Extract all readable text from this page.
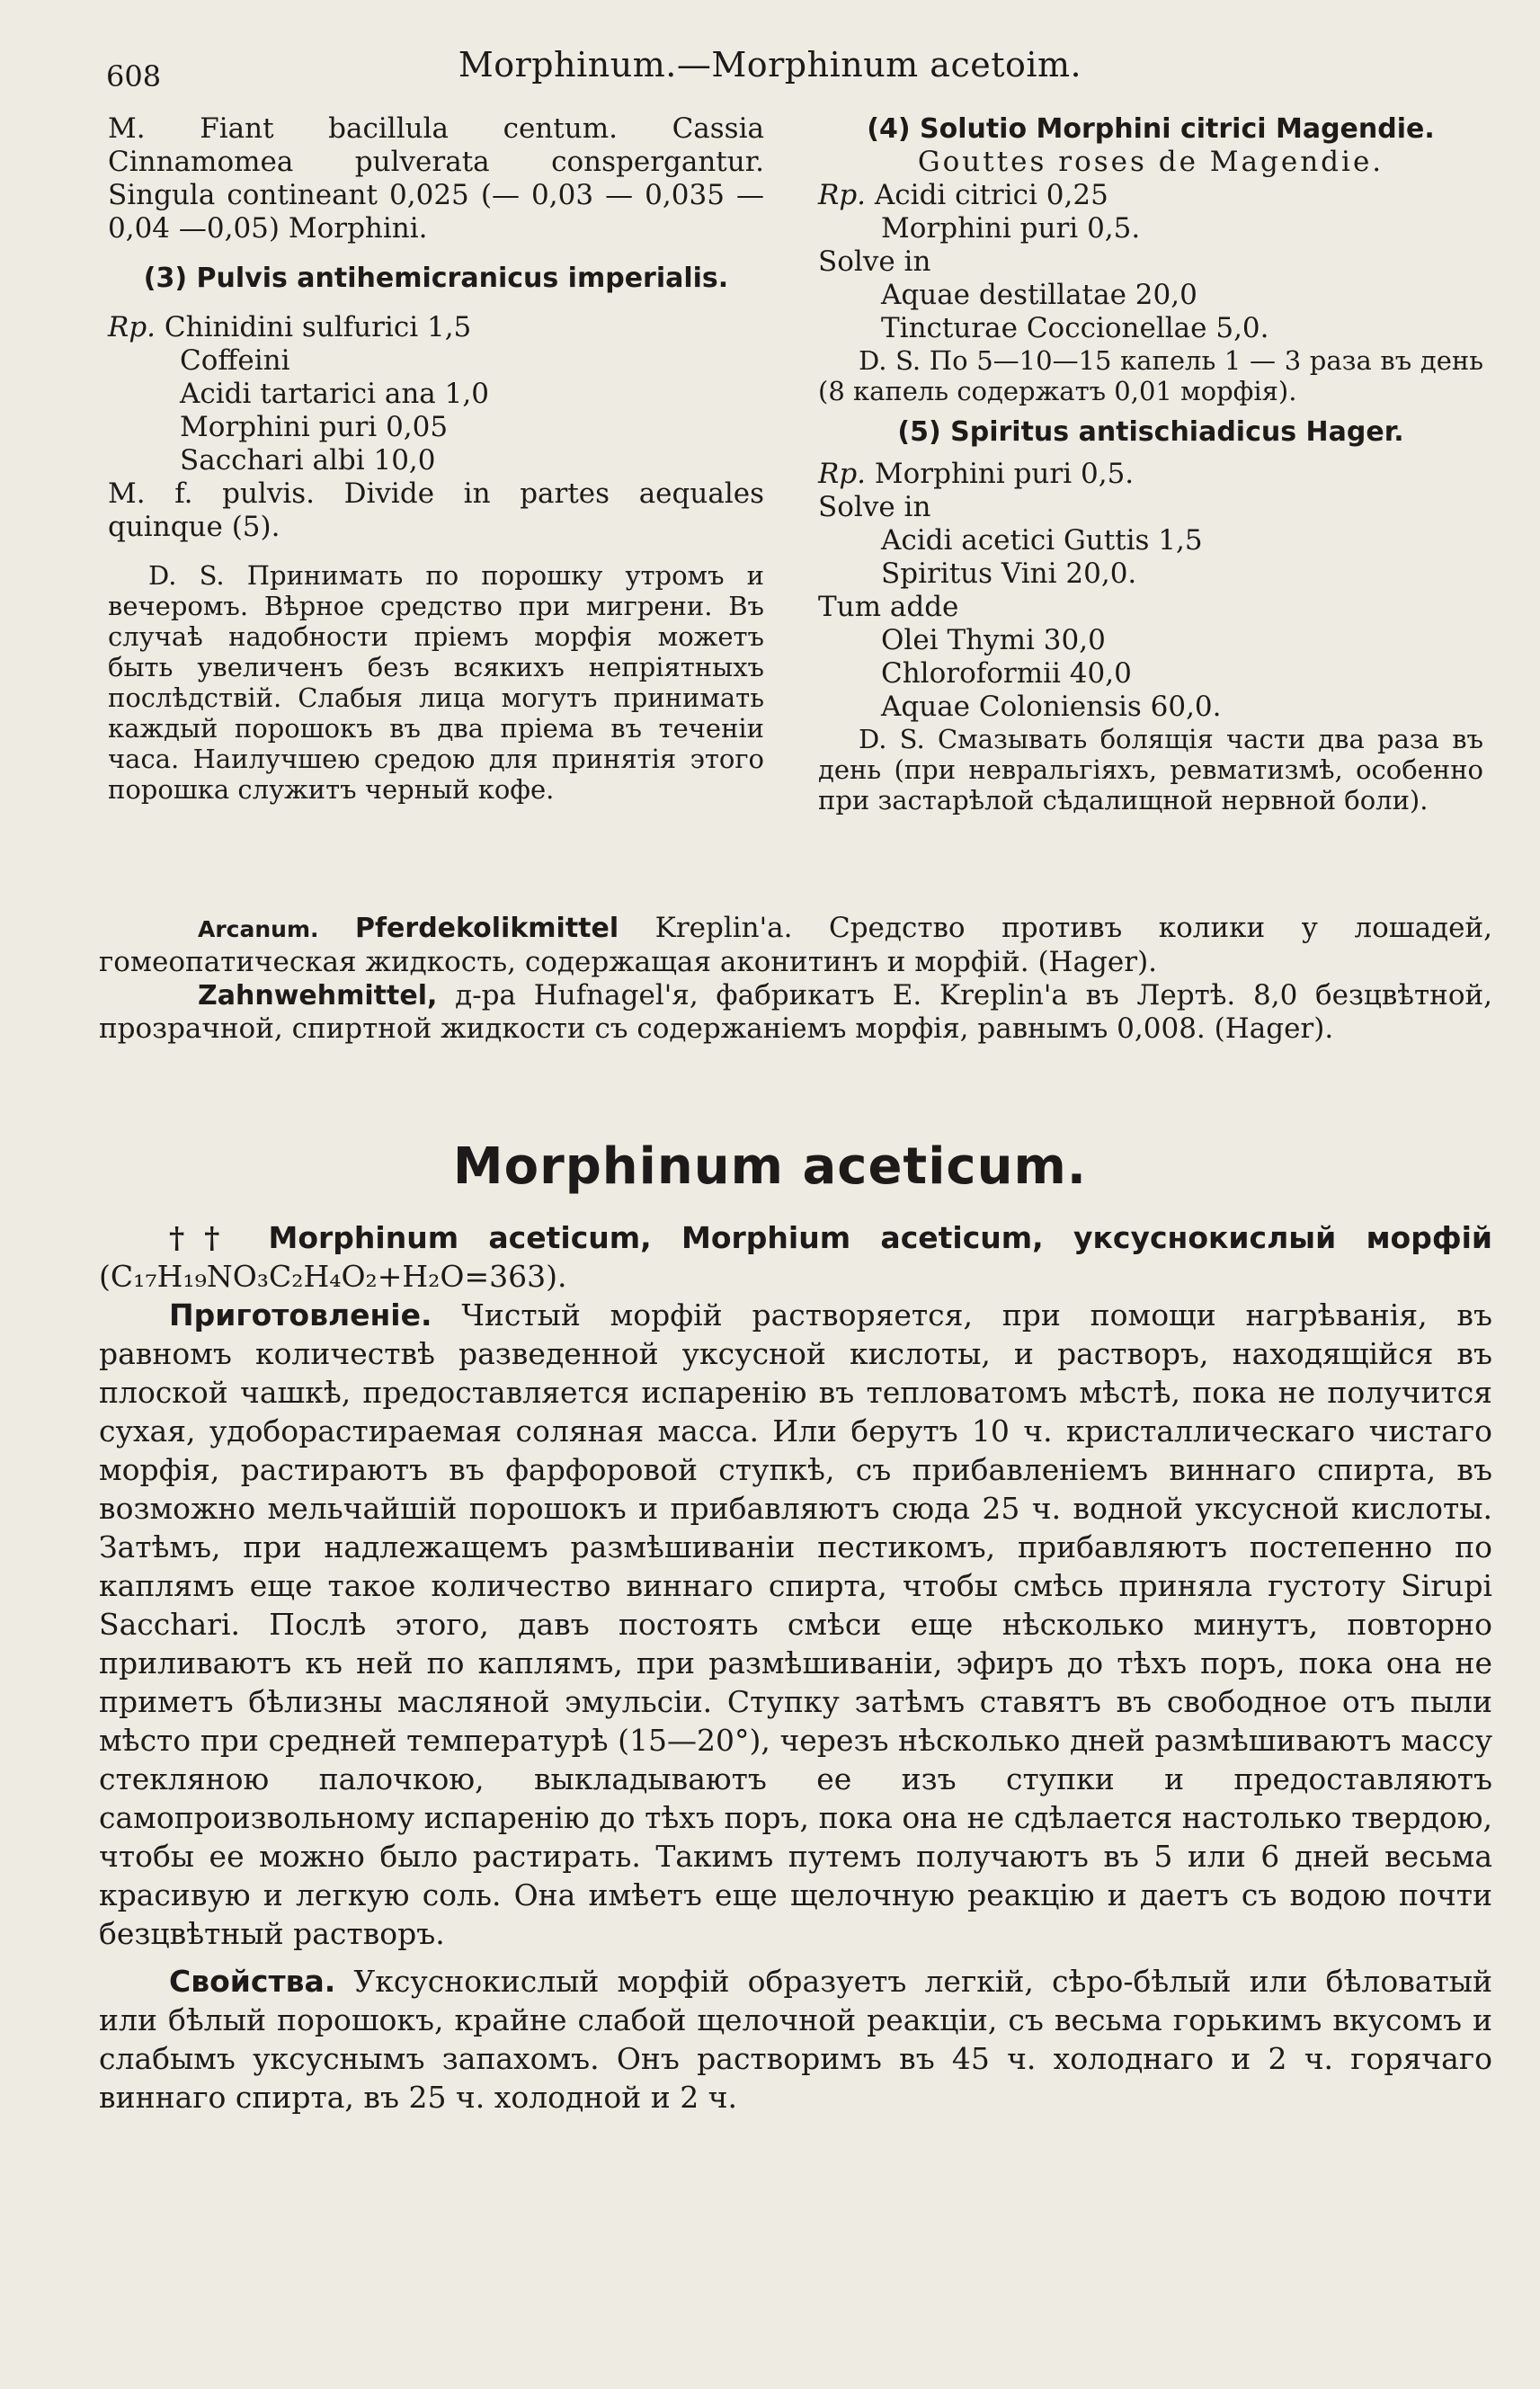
608	Morphinum.—Morphinum acetoim.

M. Fiant bacillula centum. Cassia Cinnamomea pulverata conspergantur. Singula contineant 0,025 (— 0,03 — 0,035 — 0,04 —0,05) Morphini.

(3) Pulvis antihemicranicus imperialis.

Rp. Chinidini sulfurici 1,5
Coffeini
Acidi tartarici ana 1,0
Morphini puri 0,05
Sacchari albi 10,0

M. f. pulvis. Divide in partes aequales quinque (5).

D. S. Принимать по порошку утромъ и вечеромъ. Вѣрное средство при мигрени. Въ случаѣ надобности пріемъ морфія можетъ быть увеличенъ безъ всякихъ непріятныхъ послѣдствій. Слабыя лица могутъ принимать каждый порошокъ въ два пріема въ теченіи часа. Наилучшею средою для принятія этого порошка служитъ черный кофе.

(4) Solutio Morphini citrici Magendie.

Gouttes roses de Magendie.

Rp. Acidi citrici 0,25
Morphini puri 0,5.
Solve in
Aquae destillatae 20,0
Tincturae Coccionellae 5,0.

D. S. По 5—10—15 капель 1 — 3 раза въ день (8 капель содержатъ 0,01 морфія).

(5) Spiritus antischiadicus Hager.

Rp. Morphini puri 0,5.
Solve in
Acidi acetici Guttis 1,5
Spiritus Vini 20,0.
Tum adde
Olei Thymi 30,0
Chloroformii 40,0
Aquae Coloniensis 60,0.

D. S. Смазывать болящія части два раза въ день (при невральгіяхъ, ревматизмѣ, особенно при застарѣлой сѣдалищной нервной боли).

Arcanum. Pferdekolikmittel Kreplin'a. Средство противъ колики у лошадей, гомеопатическая жидкость, содержащая аконитинъ и морфій. (Hager).

Zahnwehmittel, д-ра Hufnagel'я, фабрикатъ E. Kreplin'a въ Лертѣ. 8,0 безцвѣтной, прозрачной, спиртной жидкости съ содержаніемъ морфія, равнымъ 0,008. (Hager).

Morphinum aceticum.

†† Morphinum aceticum, Morphium aceticum, уксуснокислый морфій (C₁₇H₁₉NO₃C₂H₄O₂+H₂O=363).

Приготовленіе. Чистый морфій растворяется, при помощи нагрѣванія, въ равномъ количествѣ разведенной уксусной кислоты, и растворъ, находящійся въ плоской чашкѣ, предоставляется испаренію въ тепловатомъ мѣстѣ, пока не получится сухая, удоборастираемая соляная масса. Или берутъ 10 ч. кристаллическаго чистаго морфія, растираютъ въ фарфоровой ступкѣ, съ прибавленіемъ виннаго спирта, въ возможно мельчайшій порошокъ и прибавляютъ сюда 25 ч. водной уксусной кислоты. Затѣмъ, при надлежащемъ размѣшиваніи пестикомъ, прибавляютъ постепенно по каплямъ еще такое количество виннаго спирта, чтобы смѣсь приняла густоту Sirupi Sacchari. Послѣ этого, давъ постоять смѣси еще нѣсколько минутъ, повторно приливаютъ къ ней по каплямъ, при размѣшиваніи, эфиръ до тѣхъ поръ, пока она не приметъ бѣлизны масляной эмульсіи. Ступку затѣмъ ставятъ въ свободное отъ пыли мѣсто при средней температурѣ (15—20°), черезъ нѣсколько дней размѣшиваютъ массу стекляною палочкою, выкладываютъ ее изъ ступки и предоставляютъ самопроизвольному испаренію до тѣхъ поръ, пока она не сдѣлается настолько твердою, чтобы ее можно было растирать. Такимъ путемъ получаютъ въ 5 или 6 дней весьма красивую и легкую соль. Она имѣетъ еще щелочную реакцію и даетъ съ водою почти безцвѣтный растворъ.

Свойства. Уксуснокислый морфій образуетъ легкій, сѣро-бѣлый или бѣловатый или бѣлый порошокъ, крайне слабой щелочной реакціи, съ весьма горькимъ вкусомъ и слабымъ уксуснымъ запахомъ. Онъ растворимъ въ 45 ч. холоднаго и 2 ч. горячаго виннаго спирта, въ 25 ч. холодной и 2 ч.
